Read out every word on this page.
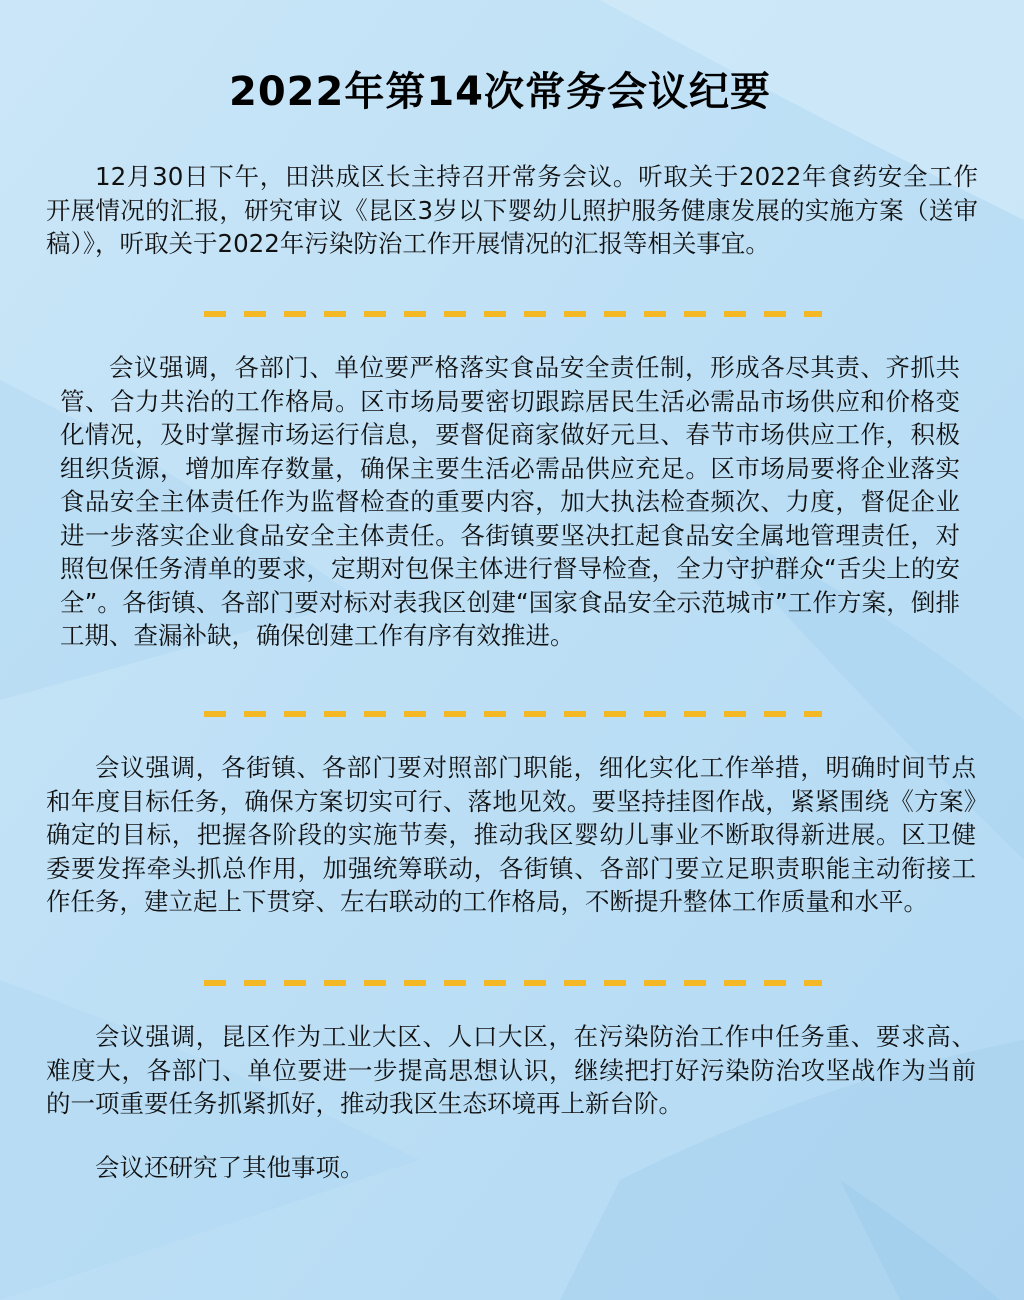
2022年第14次常务会议纪要

12月30日下午，田洪成区长主持召开常务会议。听取关于2022年食药安全工作开展情况的汇报，研究审议《昆区3岁以下婴幼儿照护服务健康发展的实施方案（送审稿）》，听取关于2022年污染防治工作开展情况的汇报等相关事宜。

会议强调，各部门、单位要严格落实食品安全责任制，形成各尽其责、齐抓共管、合力共治的工作格局。区市场局要密切跟踪居民生活必需品市场供应和价格变化情况，及时掌握市场运行信息，要督促商家做好元旦、春节市场供应工作，积极组织货源，增加库存数量，确保主要生活必需品供应充足。区市场局要将企业落实食品安全主体责任作为监督检查的重要内容，加大执法检查频次、力度，督促企业进一步落实企业食品安全主体责任。各街镇要坚决扛起食品安全属地管理责任，对照包保任务清单的要求，定期对包保主体进行督导检查，全力守护群众“舌尖上的安全”。各街镇、各部门要对标对表我区创建“国家食品安全示范城市”工作方案，倒排工期、查漏补缺，确保创建工作有序有效推进。

会议强调，各街镇、各部门要对照部门职能，细化实化工作举措，明确时间节点和年度目标任务，确保方案切实可行、落地见效。要坚持挂图作战，紧紧围绕《方案》确定的目标，把握各阶段的实施节奏，推动我区婴幼儿事业不断取得新进展。区卫健委要发挥牵头抓总作用，加强统筹联动，各街镇、各部门要立足职责职能主动衔接工作任务，建立起上下贯穿、左右联动的工作格局，不断提升整体工作质量和水平。

会议强调，昆区作为工业大区、人口大区，在污染防治工作中任务重、要求高、难度大，各部门、单位要进一步提高思想认识，继续把打好污染防治攻坚战作为当前的一项重要任务抓紧抓好，推动我区生态环境再上新台阶。

会议还研究了其他事项。
